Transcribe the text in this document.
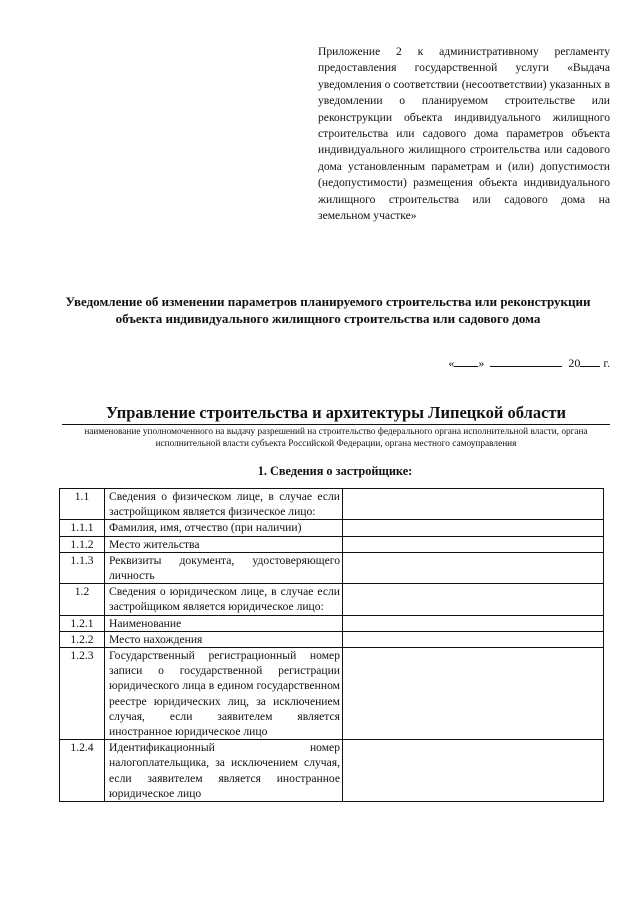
Приложение 2 к административному регламенту предоставления государственной услуги «Выдача уведомления о соответствии (несоответствии) указанных в уведомлении о планируемом строительстве или реконструкции объекта индивидуального жилищного строительства или садового дома параметров объекта индивидуального жилищного строительства или садового дома установленным параметрам и (или) допустимости (недопустимости) размещения объекта индивидуального жилищного строительства или садового дома на земельном участке»
Уведомление об изменении параметров планируемого строительства или реконструкции объекта индивидуального жилищного строительства или садового дома
« »	20 г.
Управление строительства и архитектуры Липецкой области
наименование уполномоченного на выдачу разрешений на строительство федерального органа исполнительной власти, органа исполнительной власти субъекта Российской Федерации, органа местного самоуправления
1. Сведения о застройщике:
1.1	Сведения о физическом лице, в случае если застройщиком является физическое лицо:	
1.1.1	Фамилия, имя, отчество (при наличии)	
1.1.2	Место жительства	
1.1.3	Реквизиты документа, удостоверяющего личность	
1.2	Сведения о юридическом лице, в случае если застройщиком является юридическое лицо:	
1.2.1	Наименование	
1.2.2	Место нахождения	
1.2.3	Государственный регистрационный номер записи о государственной регистрации юридического лица в едином государственном реестре юридических лиц, за исключением случая, если заявителем является иностранное юридическое лицо	
1.2.4	Идентификационный номер налогоплательщика, за исключением случая, если заявителем является иностранное юридическое лицо	
